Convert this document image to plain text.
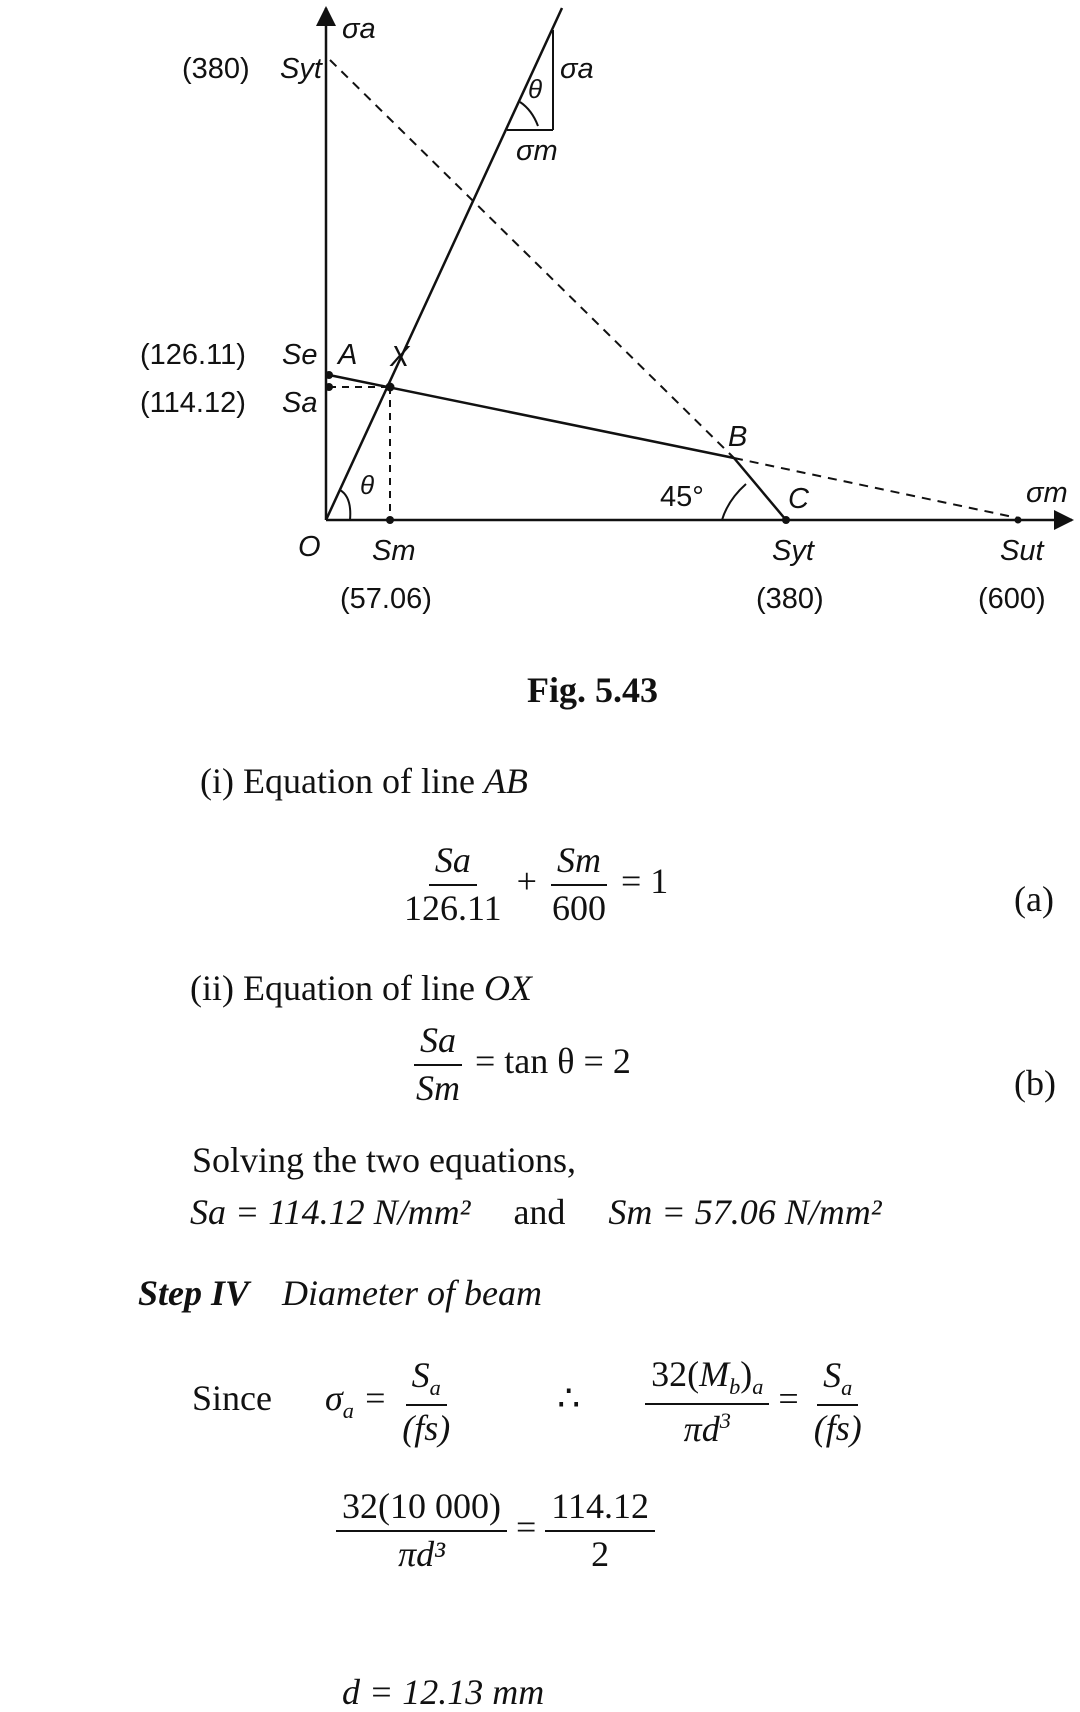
σa
σa
σm
θ
(380) Syt
(126.11) Se
(114.12) Sa
A X
B
C
O
θ	45°	σm
Sm
(57.06)
Syt
(380)
Sut
(600)
Fig. 5.43
(i) Equation of line AB
$\frac{Sa}{126.11} + \frac{Sm}{600} = 1$	(a)
(ii) Equation of line OX
$\frac{Sa}{Sm} = \tan \theta = 2$
(b)
Solving the two equations,
Sa = 114.12 N/mm² and Sm = 57.06 N/mm²
Step IV Diameter of beam
Since $\sigma_a = \frac{S_a}{(fs)}$	∴ $\frac{32(M_b)_a}{\pi d^3} = \frac{S_a}{(fs)}$
$\frac{32(10 000)}{\text{πd³}} = \frac{114.12}{2}$
d = 12.13 mm
